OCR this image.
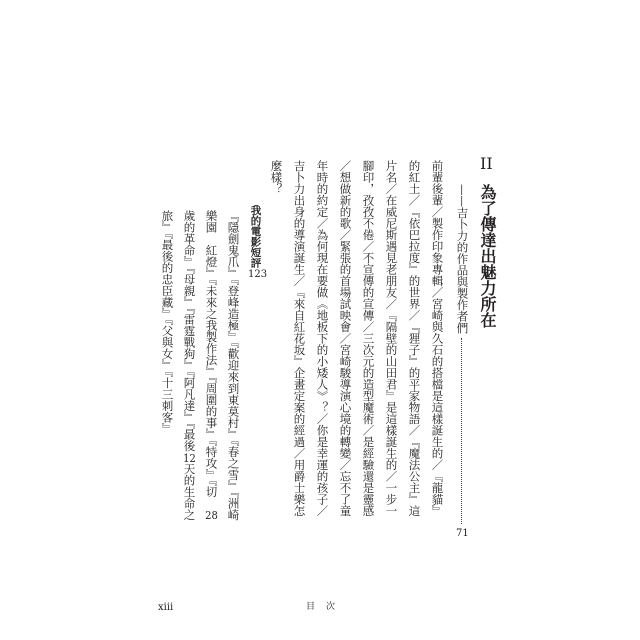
II
為了傳達出魅力所在
——吉卜力的作品與製作者們
71
前輩後輩／製作印象專輯／宮崎與久石的搭檔是這樣誕生的／『龍貓』
的紅土／『依巴拉度』的世界／『狸子』的平家物語／『魔法公主』這
片名／在威尼斯遇見老朋友／『隔壁的山田君』是這樣誕生的／一步一
腳印，孜孜不倦／不宣傳的宣傳／三次元的造型魔術／是經驗還是靈感
／想做新的歌／緊張的首場試映會／宮崎駿導演心境的轉變／忘不了童
年時的約定／為何現在要做《地板下的小矮人》？／你是幸運的孩子／
吉卜力出身的導演誕生／『來自紅花坂』企畫定案的經過／用爵士樂怎
麼樣？
我的電影短評
123
『隱劍鬼爪』『登峰造極』『歡迎來到東莫村』『春之雪』『洲崎
樂園　紅燈』『未來之我製作法』『周圍的事』『特攻』『切　28
歲的革命』『母親』『雷霆戰狗』『阿凡達』『最後12天的生命之
旅』『最後的忠臣藏』『父與女』『十三刺客』
xiii	目　次
